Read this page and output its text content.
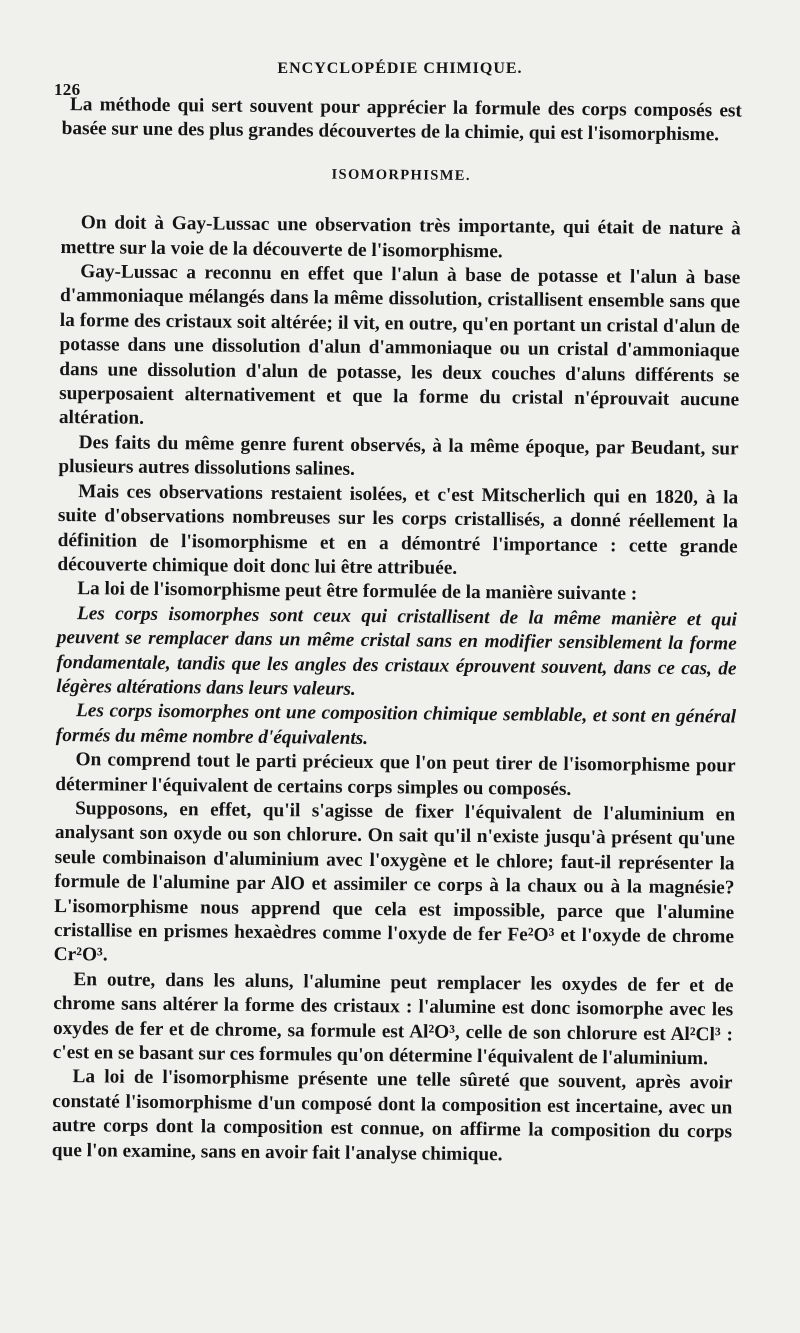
126
ENCYCLOPÉDIE CHIMIQUE.

La méthode qui sert souvent pour apprécier la formule des corps composés est basée sur une des plus grandes découvertes de la chimie, qui est l'isomorphisme.

ISOMORPHISME.

On doit à Gay-Lussac une observation très importante, qui était de nature à mettre sur la voie de la découverte de l'isomorphisme.

Gay-Lussac a reconnu en effet que l'alun à base de potasse et l'alun à base d'ammoniaque mélangés dans la même dissolution, cristallisent ensemble sans que la forme des cristaux soit altérée; il vit, en outre, qu'en portant un cristal d'alun de potasse dans une dissolution d'alun d'ammoniaque ou un cristal d'ammoniaque dans une dissolution d'alun de potasse, les deux couches d'aluns différents se superposaient alternativement et que la forme du cristal n'éprouvait aucune altération.

Des faits du même genre furent observés, à la même époque, par Beudant, sur plusieurs autres dissolutions salines.

Mais ces observations restaient isolées, et c'est Mitscherlich qui en 1820, à la suite d'observations nombreuses sur les corps cristallisés, a donné réellement la définition de l'isomorphisme et en a démontré l'importance : cette grande découverte chimique doit donc lui être attribuée.

La loi de l'isomorphisme peut être formulée de la manière suivante :

Les corps isomorphes sont ceux qui cristallisent de la même manière et qui peuvent se remplacer dans un même cristal sans en modifier sensiblement la forme fondamentale, tandis que les angles des cristaux éprouvent souvent, dans ce cas, de légères altérations dans leurs valeurs.

Les corps isomorphes ont une composition chimique semblable, et sont en général formés du même nombre d'équivalents.

On comprend tout le parti précieux que l'on peut tirer de l'isomorphisme pour déterminer l'équivalent de certains corps simples ou composés.

Supposons, en effet, qu'il s'agisse de fixer l'équivalent de l'aluminium en analysant son oxyde ou son chlorure. On sait qu'il n'existe jusqu'à présent qu'une seule combinaison d'aluminium avec l'oxygène et le chlore; faut-il représenter la formule de l'alumine par AlO et assimiler ce corps à la chaux ou à la magnésie? L'isomorphisme nous apprend que cela est impossible, parce que l'alumine cristallise en prismes hexaèdres comme l'oxyde de fer Fe²O³ et l'oxyde de chrome Cr²O³.

En outre, dans les aluns, l'alumine peut remplacer les oxydes de fer et de chrome sans altérer la forme des cristaux : l'alumine est donc isomorphe avec les oxydes de fer et de chrome, sa formule est Al²O³, celle de son chlorure est Al²Cl³ : c'est en se basant sur ces formules qu'on détermine l'équivalent de l'aluminium.

La loi de l'isomorphisme présente une telle sûreté que souvent, après avoir constaté l'isomorphisme d'un composé dont la composition est incertaine, avec un autre corps dont la composition est connue, on affirme la composition du corps que l'on examine, sans en avoir fait l'analyse chimique.
